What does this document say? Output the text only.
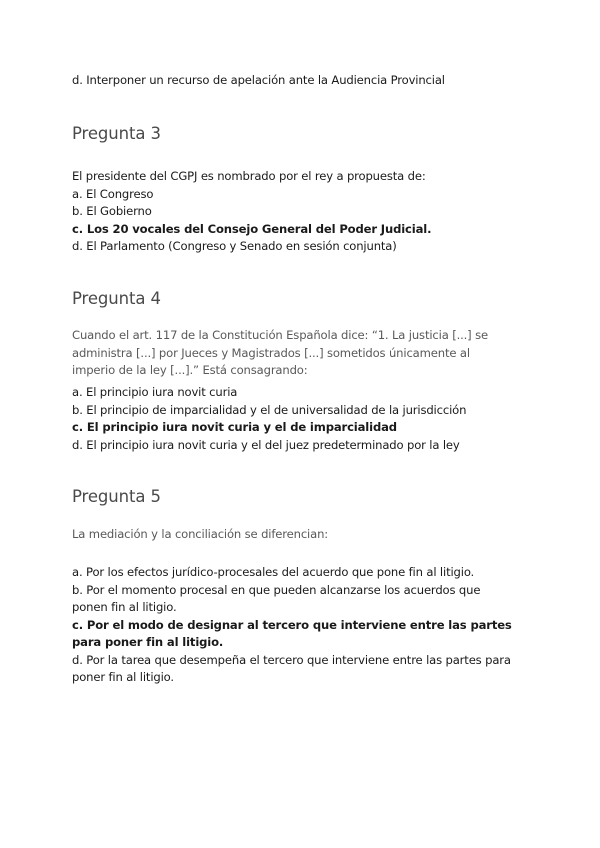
d. Interponer un recurso de apelación ante la Audiencia Provincial
Pregunta 3
El presidente del CGPJ es nombrado por el rey a propuesta de:
a. El Congreso
b. El Gobierno
c. Los 20 vocales del Consejo General del Poder Judicial.
d. El Parlamento (Congreso y Senado en sesión conjunta)
Pregunta 4
Cuando el art. 117 de la Constitución Española dice: “1. La justicia [...] se
administra [...] por Jueces y Magistrados [...] sometidos únicamente al
imperio de la ley [...].” Está consagrando:
a. El principio iura novit curia
b. El principio de imparcialidad y el de universalidad de la jurisdicción
c. El principio iura novit curia y el de imparcialidad
d. El principio iura novit curia y el del juez predeterminado por la ley
Pregunta 5
La mediación y la conciliación se diferencian:
a. Por los efectos jurídico-procesales del acuerdo que pone fin al litigio.
b. Por el momento procesal en que pueden alcanzarse los acuerdos que
ponen fin al litigio.
c. Por el modo de designar al tercero que interviene entre las partes
para poner fin al litigio.
d. Por la tarea que desempeña el tercero que interviene entre las partes para
poner fin al litigio.
